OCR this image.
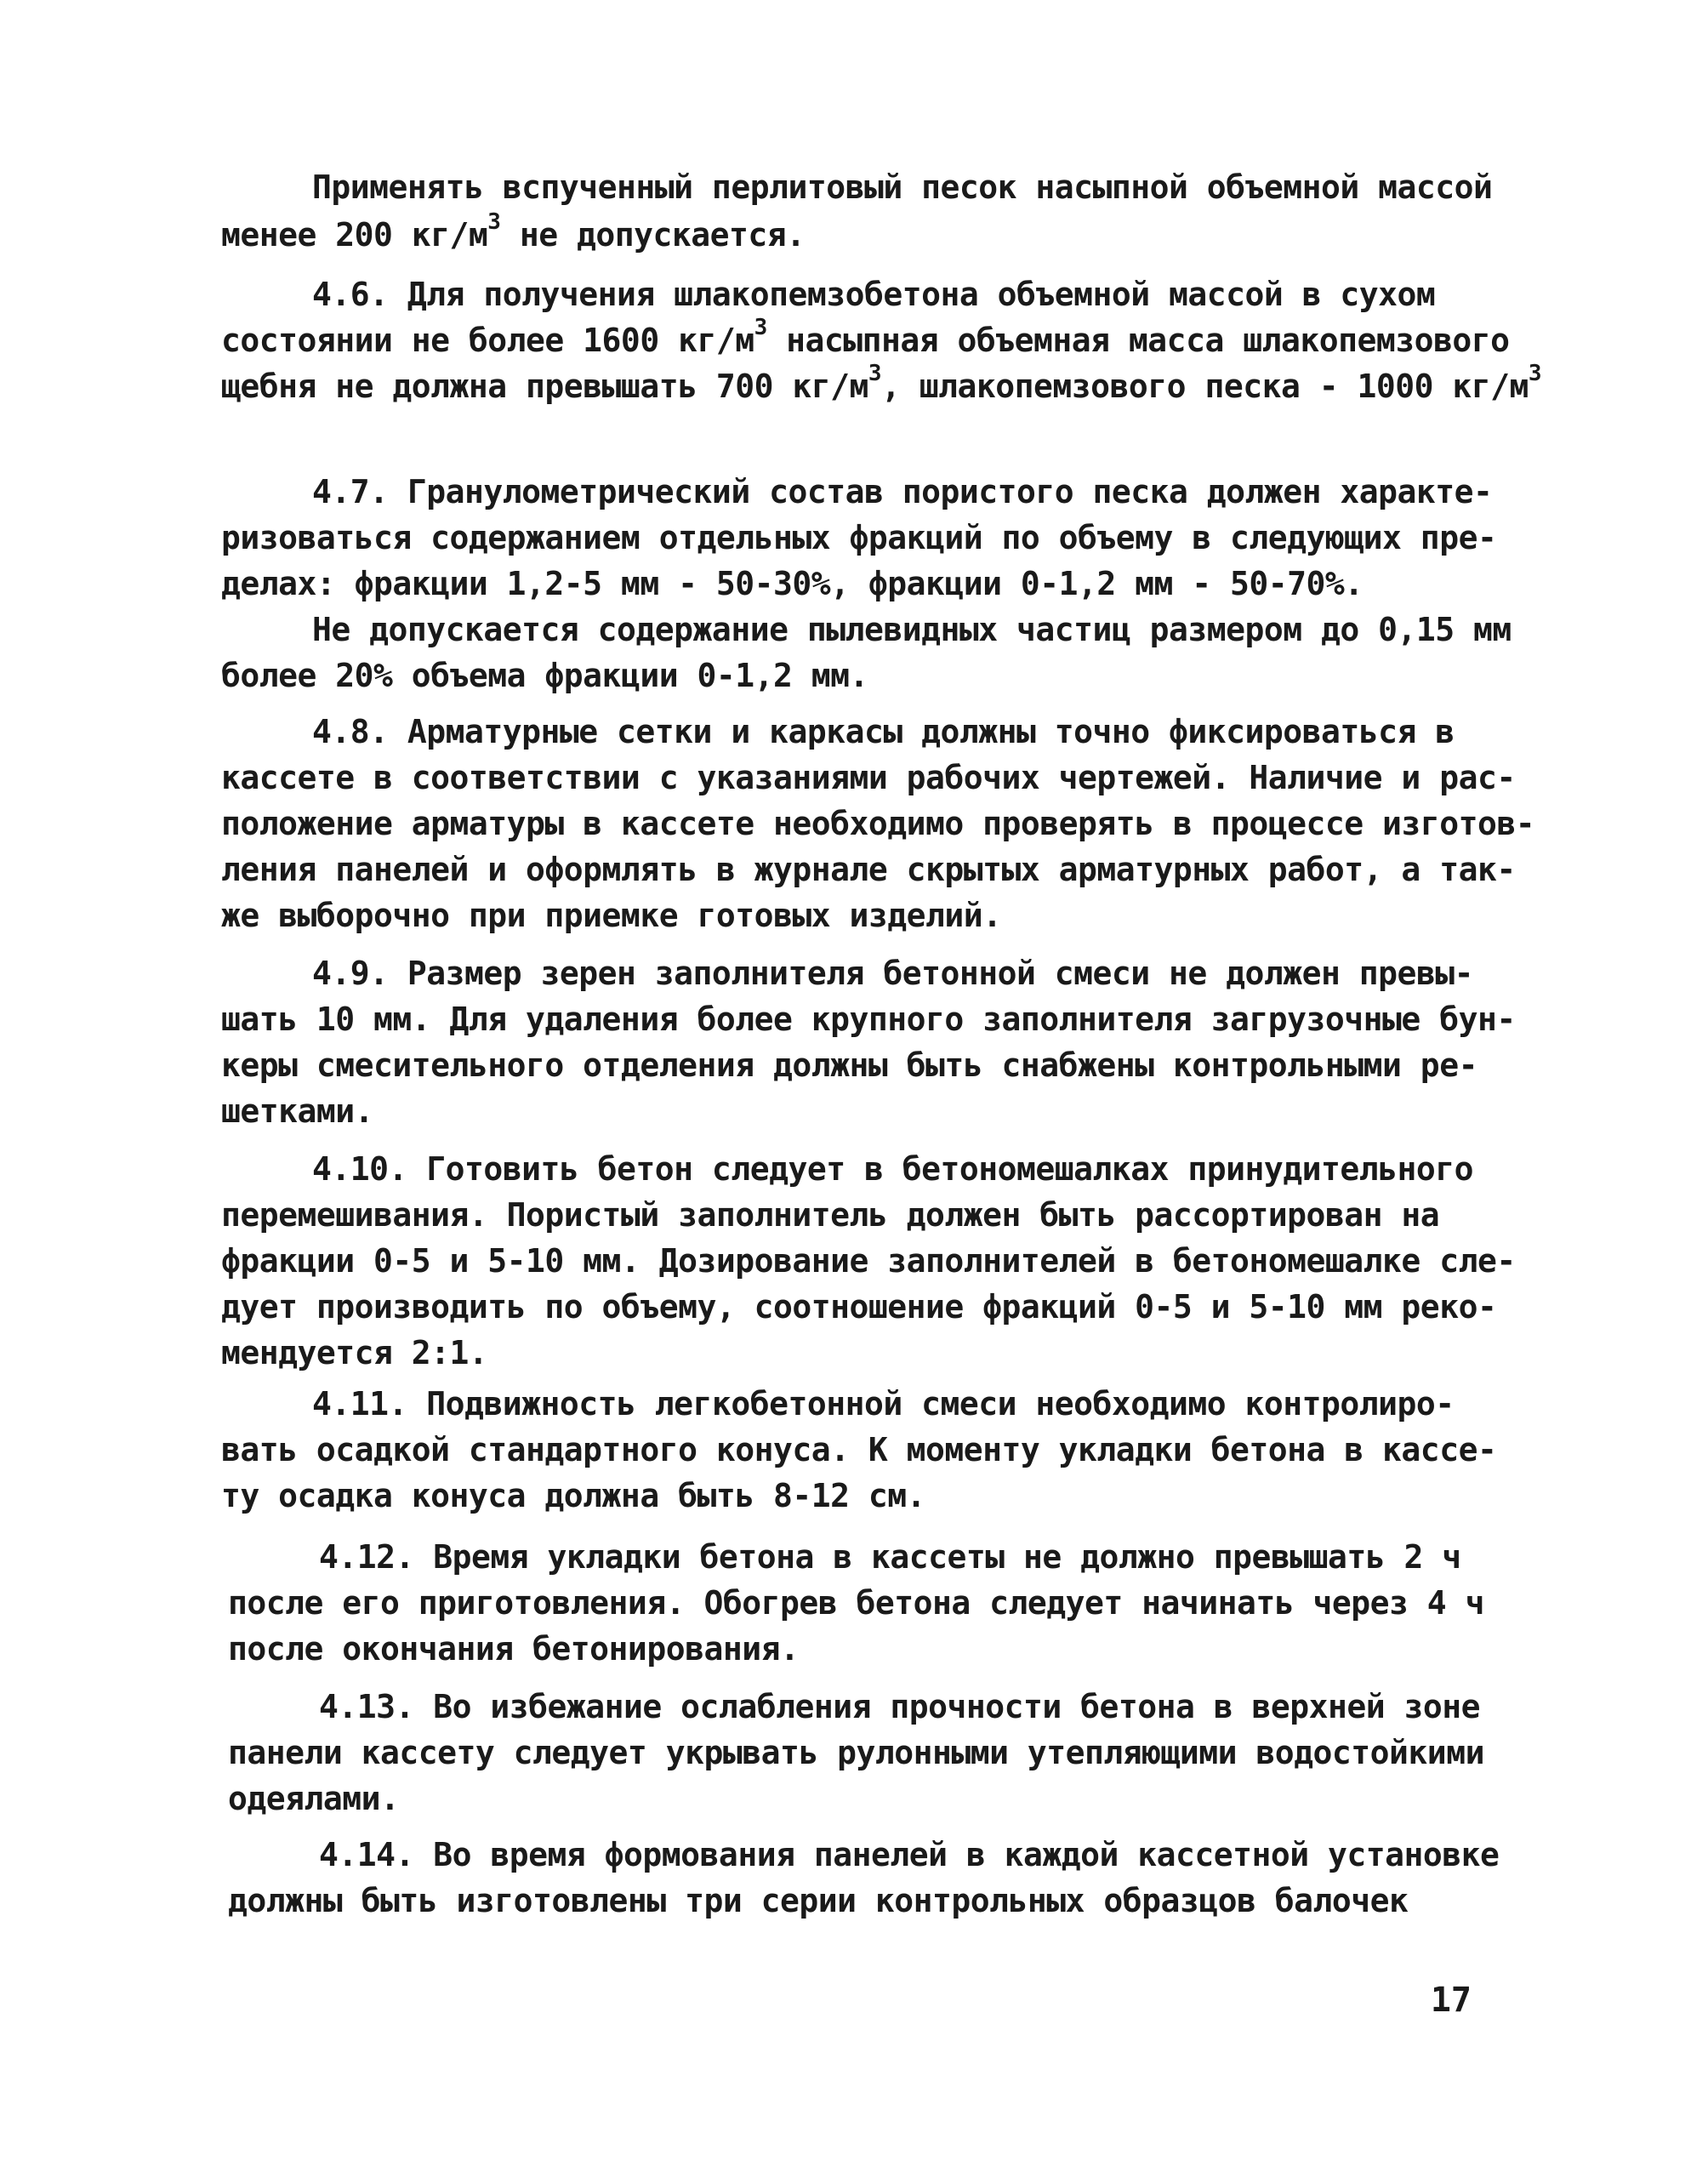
Применять вспученный перлитовый песок насыпной объемной массой
менее 200 $кг/м^3$ не допускается.
4.6. Для получения шлакопемзобетона объемной массой в сухом
состоянии не более 1600 $кг/м^3$ насыпная объемная масса шлакопемзового
щебня не должна превышать 700 $кг/м^3$, шлакопемзового песка - 1000 $кг/м^3$
4.7. Гранулометрический состав пористого песка должен характе-
ризоваться содержанием отдельных фракций по объему в следующих пре-
делах: фракции 1,2-5 мм - 50-30%, фракции 0-1,2 мм - 50-70%.
Не допускается содержание пылевидных частиц размером до 0,15 мм
более 20% объема фракции 0-1,2 мм.
4.8. Арматурные сетки и каркасы должны точно фиксироваться в
кассете в соответствии с указаниями рабочих чертежей. Наличие и рас-
положение арматуры в кассете необходимо проверять в процессе изготов-
ления панелей и оформлять в журнале скрытых арматурных работ, а так-
же выборочно при приемке готовых изделий.
4.9. Размер зерен заполнителя бетонной смеси не должен превы-
шать 10 мм. Для удаления более крупного заполнителя загрузочные бун-
керы смесительного отделения должны быть снабжены контрольными ре-
шетками.
4.10. Готовить бетон следует в бетономешалках принудительного
перемешивания. Пористый заполнитель должен быть рассортирован на
фракции 0-5 и 5-10 мм. Дозирование заполнителей в бетономешалке сле-
дует производить по объему, соотношение фракций 0-5 и 5-10 мм реко-
мендуется 2:1.
4.11. Подвижность легкобетонной смеси необходимо контролиро-
вать осадкой стандартного конуса. К моменту укладки бетона в кассе-
ту осадка конуса должна быть 8-12 см.
4.12. Время укладки бетона в кассеты не должно превышать 2 ч
после его приготовления. Обогрев бетона следует начинать через 4 ч
после окончания бетонирования.
4.13. Во избежание ослабления прочности бетона в верхней зоне
панели кассету следует укрывать рулонными утепляющими водостойкими
одеялами.
4.14. Во время формования панелей в каждой кассетной установке
должны быть изготовлены три серии контрольных образцов балочек
17
